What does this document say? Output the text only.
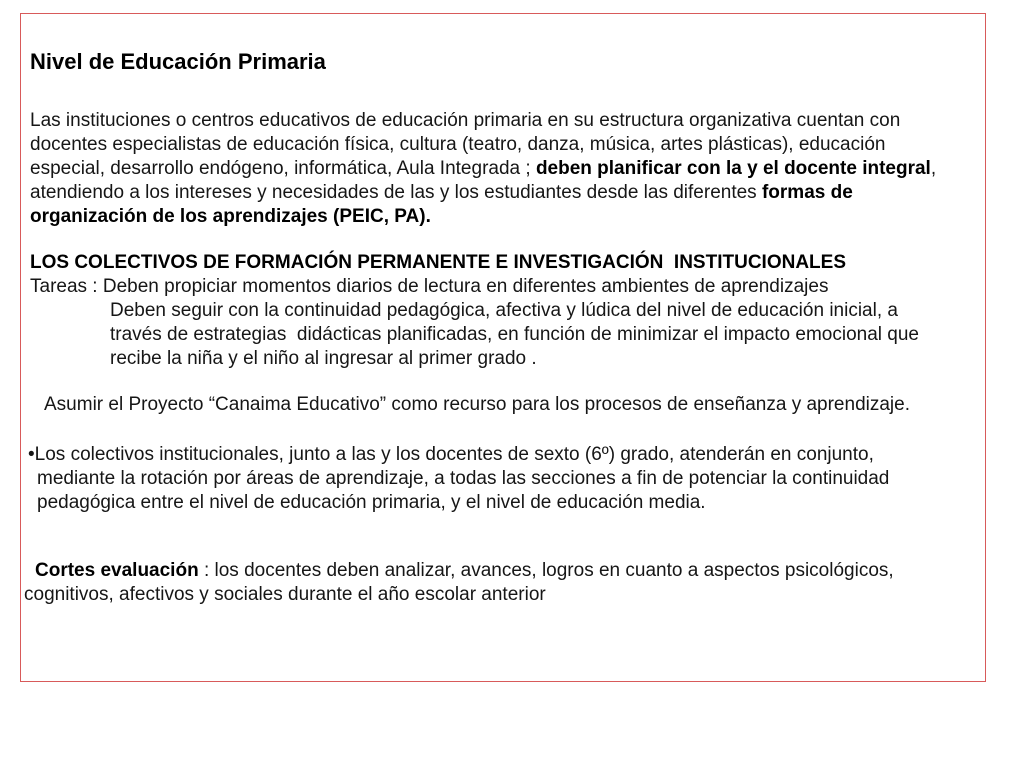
Nivel de Educación Primaria
Las instituciones o centros educativos de educación primaria en su estructura organizativa cuentan con
docentes especialistas de educación física, cultura (teatro, danza, música, artes plásticas), educación
especial, desarrollo endógeno, informática, Aula Integrada ; deben planificar con la y el docente integral,
atendiendo a los intereses y necesidades de las y los estudiantes desde las diferentes formas de
organización de los aprendizajes (PEIC, PA).
LOS COLECTIVOS DE FORMACIÓN PERMANENTE E INVESTIGACIÓN  INSTITUCIONALES
Tareas : Deben propiciar momentos diarios de lectura en diferentes ambientes de aprendizajes
Deben seguir con la continuidad pedagógica, afectiva y lúdica del nivel de educación inicial, a
través de estrategias  didácticas planificadas, en función de minimizar el impacto emocional que
recibe la niña y el niño al ingresar al primer grado .
Asumir el Proyecto “Canaima Educativo” como recurso para los procesos de enseñanza y aprendizaje.
•Los colectivos institucionales, junto a las y los docentes de sexto (6º) grado, atenderán en conjunto,
mediante la rotación por áreas de aprendizaje, a todas las secciones a fin de potenciar la continuidad
pedagógica entre el nivel de educación primaria, y el nivel de educación media.
Cortes evaluación : los docentes deben analizar, avances, logros en cuanto a aspectos psicológicos,
cognitivos, afectivos y sociales durante el año escolar anterior
